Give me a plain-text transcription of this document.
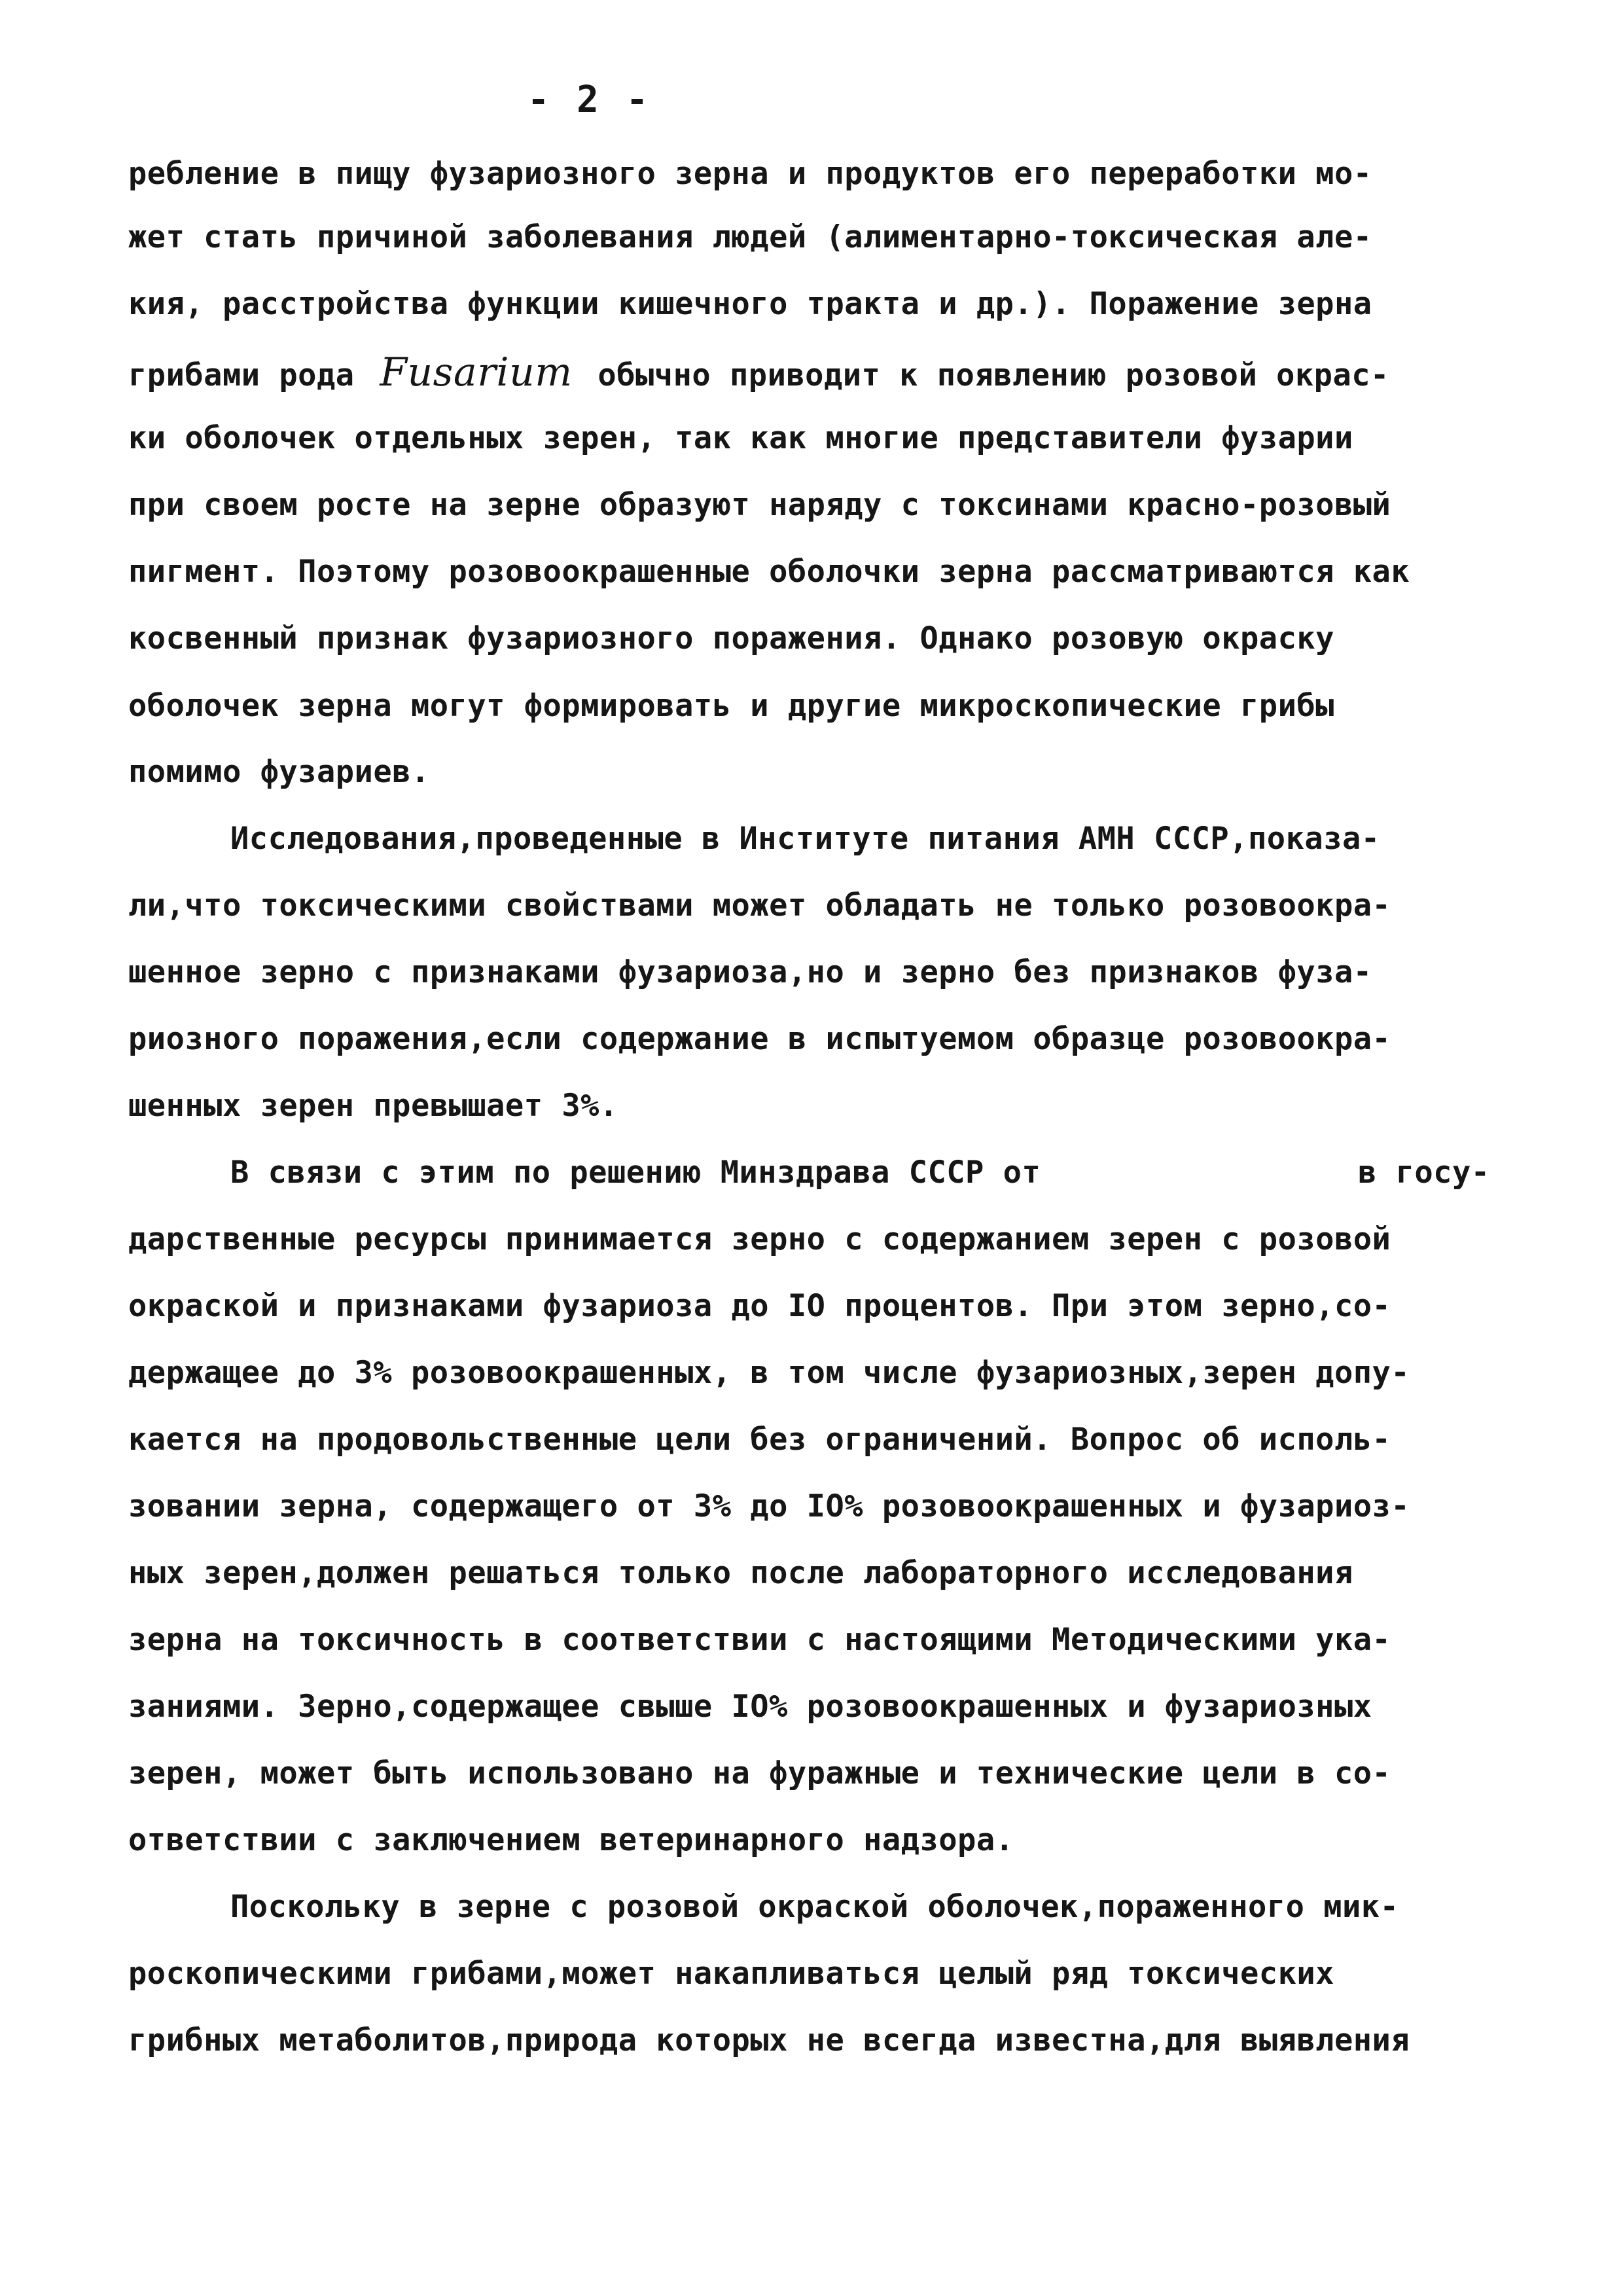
- 2 -
ребление в пищу фузариозного зерна и продуктов его переработки мо-
жет стать причиной заболевания людей (алиментарно-токсическая але-
кия, расстройства функции кишечного тракта и др.). Поражение зерна
грибами рода Fusarium обычно приводит к появлению розовой окрас-
ки оболочек отдельных зерен, так как многие представители фузарии
при своем росте на зерне образуют наряду с токсинами красно-розовый
пигмент. Поэтому розовоокрашенные оболочки зерна рассматриваются как
косвенный признак фузариозного поражения. Однако розовую окраску
оболочек зерна могут формировать и другие микроскопические грибы
помимо фузариев.
Исследования,проведенные в Институте питания АМН СССР,показа-
ли,что токсическими свойствами может обладать не только розовоокра-
шенное зерно с признаками фузариоза,но и зерно без признаков фуза-
риозного поражения,если содержание в испытуемом образце розовоокра-
шенных зерен превышает 3%.
В связи с этим по решению Минздрава СССР от	в госу-
дарственные ресурсы принимается зерно с содержанием зерен с розовой
окраской и признаками фузариоза до IO процентов. При этом зерно,со-
держащее до 3% розовоокрашенных, в том числе фузариозных,зерен допу-
кается на продовольственные цели без ограничений. Вопрос об исполь-
зовании зерна, содержащего от 3% до IO% розовоокрашенных и фузариоз-
ных зерен,должен решаться только после лабораторного исследования
зерна на токсичность в соответствии с настоящими Методическими ука-
заниями. Зерно,содержащее свыше IO% розовоокрашенных и фузариозных
зерен, может быть использовано на фуражные и технические цели в со-
ответствии с заключением ветеринарного надзора.
Поскольку в зерне с розовой окраской оболочек,пораженного мик-
роскопическими грибами,может накапливаться целый ряд токсических
грибных метаболитов,природа которых не всегда известна,для выявления
